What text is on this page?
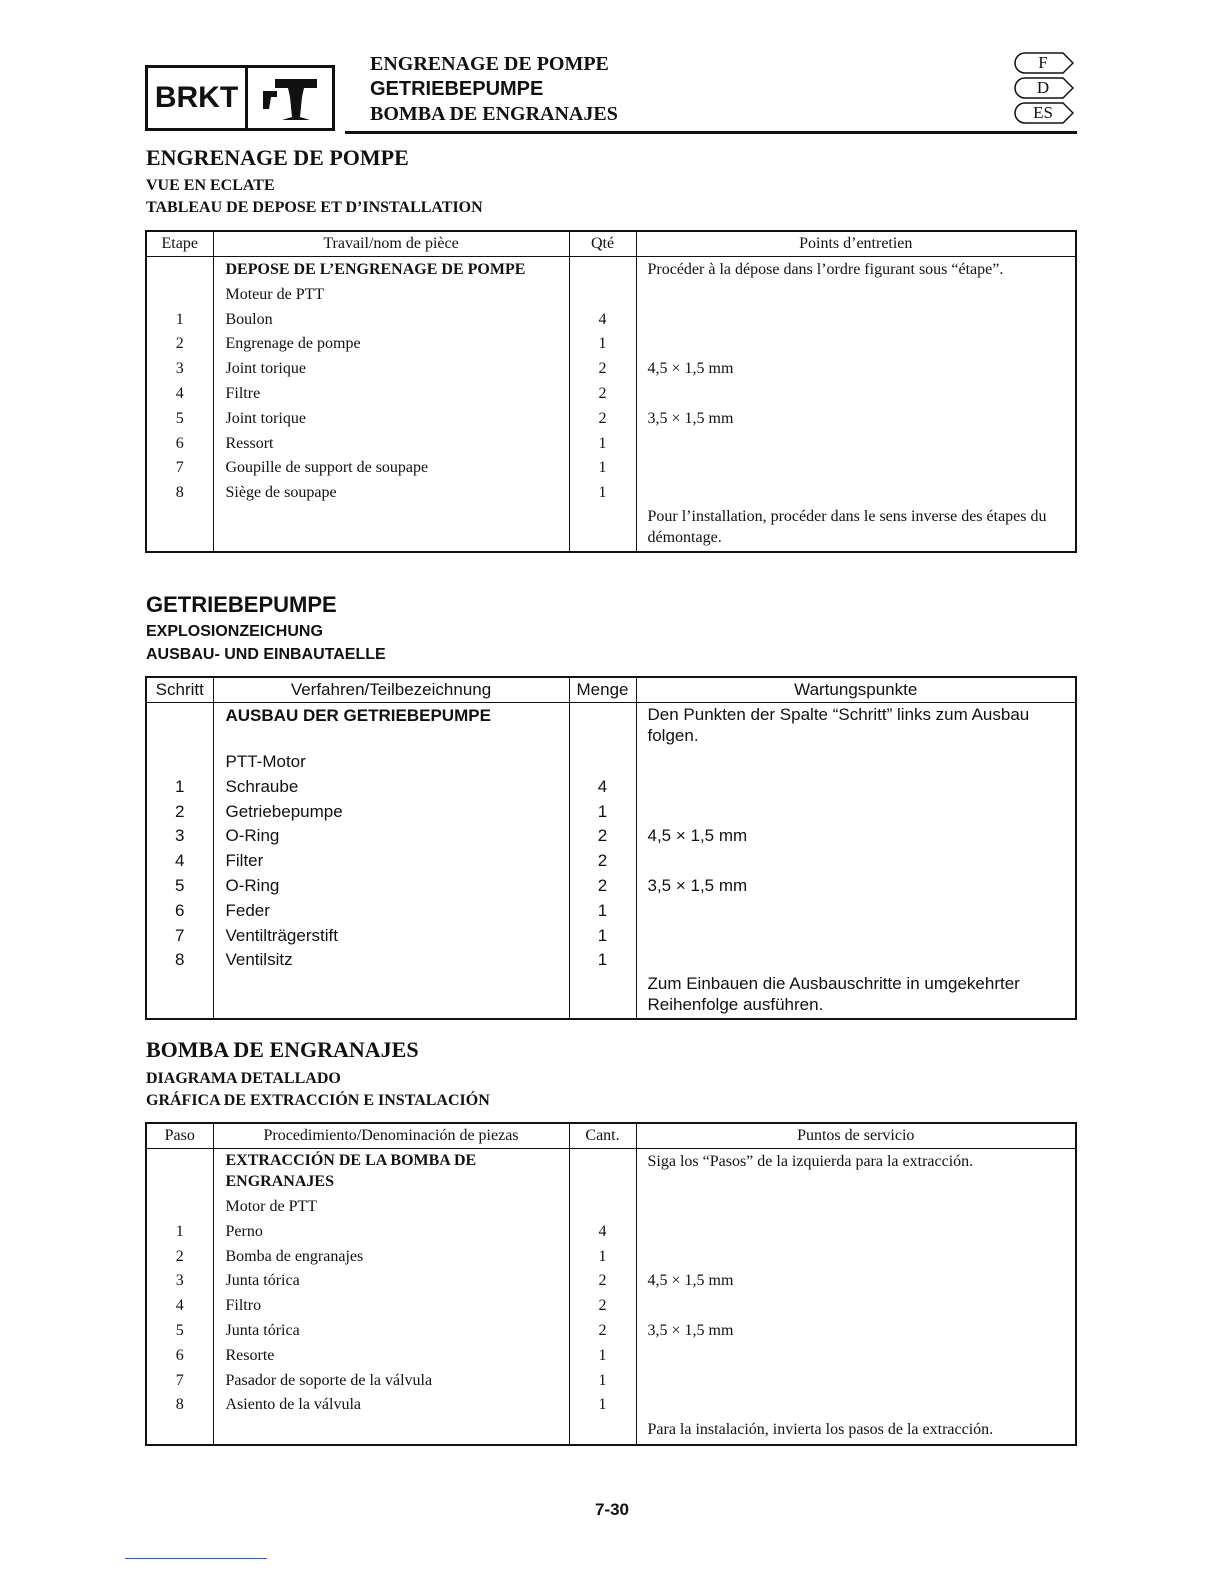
BRKT
ENGRENAGE DE POMPE
GETRIEBEPUMPE
BOMBA DE ENGRANAJES
F
D
ES
ENGRENAGE DE POMPE
VUE EN ECLATE
TABLEAU DE DEPOSE ET D’INSTALLATION
Etape	Travail/nom de pièce	Qté	Points d’entretien
	DEPOSE DE L’ENGRENAGE DE POMPE		Procéder à la dépose dans l’ordre figurant sous “étape”.
	Moteur de PTT		
1	Boulon	4	
2	Engrenage de pompe	1	
3	Joint torique	2	4,5 × 1,5 mm
4	Filtre	2	
5	Joint torique	2	3,5 × 1,5 mm
6	Ressort	1	
7	Goupille de support de soupape	1	
8	Siège de soupape	1	
			Pour l’installation, procéder dans le sens inverse des étapes du démontage.
GETRIEBEPUMPE
EXPLOSIONZEICHUNG
AUSBAU- UND EINBAUTAELLE
Schritt	Verfahren/Teilbezeichnung	Menge	Wartungspunkte
	AUSBAU DER GETRIEBEPUMPE		Den Punkten der Spalte “Schritt” links zum Ausbau folgen.
	PTT-Motor		
1	Schraube	4	
2	Getriebepumpe	1	
3	O-Ring	2	4,5 × 1,5 mm
4	Filter	2	
5	O-Ring	2	3,5 × 1,5 mm
6	Feder	1	
7	Ventilträgerstift	1	
8	Ventilsitz	1	
			Zum Einbauen die Ausbauschritte in umgekehrter Reihenfolge ausführen.
BOMBA DE ENGRANAJES
DIAGRAMA DETALLADO
GRÁFICA DE EXTRACCIÓN E INSTALACIÓN
Paso	Procedimiento/Denominación de piezas	Cant.	Puntos de servicio
	EXTRACCIÓN DE LA BOMBA DE ENGRANAJES		Siga los “Pasos” de la izquierda para la extracción.
	Motor de PTT		
1	Perno	4	
2	Bomba de engranajes	1	
3	Junta tórica	2	4,5 × 1,5 mm
4	Filtro	2	
5	Junta tórica	2	3,5 × 1,5 mm
6	Resorte	1	
7	Pasador de soporte de la válvula	1	
8	Asiento de la válvula	1	
			Para la instalación, invierta los pasos de la extracción.
7-30
